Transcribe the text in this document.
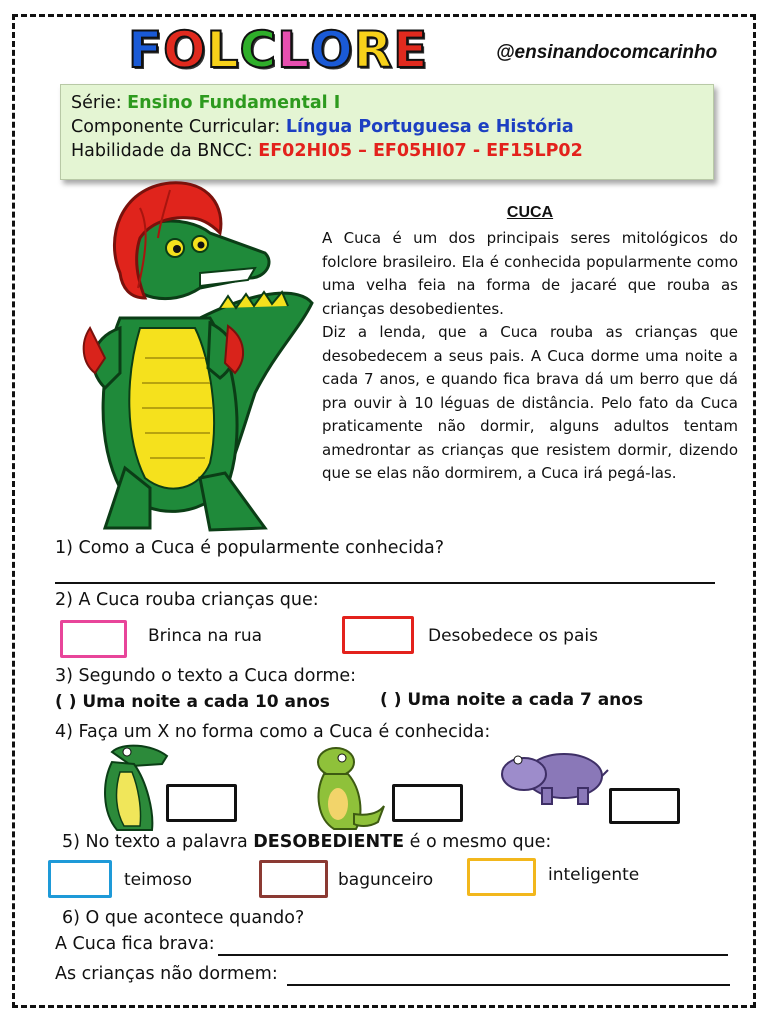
F O L C L O R E	@ensinandocomcarinho
Série: Ensino Fundamental I
Componente Curricular: Língua Portuguesa e História
Habilidade da BNCC: EF02HI05 – EF05HI07 - EF15LP02
CUCA

A Cuca é um dos principais seres mitológicos do folclore brasileiro. Ela é conhecida popularmente como uma velha feia na forma de jacaré que rouba as crianças desobedientes.

Diz a lenda, que a Cuca rouba as crianças que desobedecem a seus pais. A Cuca dorme uma noite a cada 7 anos, e quando fica brava dá um berro que dá pra ouvir à 10 léguas de distância. Pelo fato da Cuca praticamente não dormir, alguns adultos tentam amedrontar as crianças que resistem dormir, dizendo que se elas não dormirem, a Cuca irá pegá-las.

1) Como a Cuca é popularmente conhecida?
2) A Cuca rouba crianças que:
Brinca na rua	Desobedece os pais
3) Segundo o texto a Cuca dorme:
( ) Uma noite a cada 10 anos	( ) Uma noite a cada 7 anos
4) Faça um X no forma como a Cuca é conhecida:
5) No texto a palavra DESOBEDIENTE é o mesmo que:
teimoso	bagunceiro	inteligente
6) O que acontece quando?
A Cuca fica brava:
As crianças não dormem:
